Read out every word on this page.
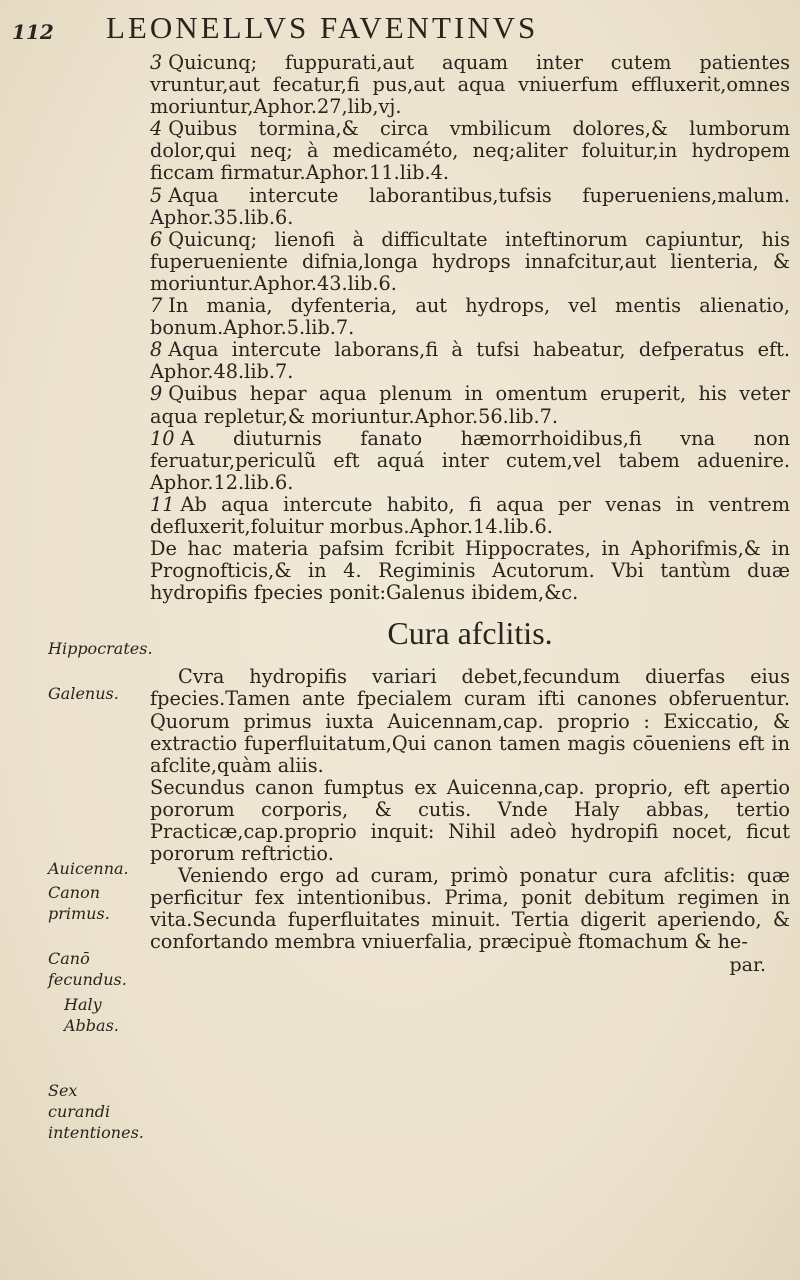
112 LEONELLVS FAVENTINVS
3 Quicunq; fuppurati,aut aquam inter cutem patientes vruntur,aut fecatur,fi pus,aut aqua vniuerfum effluxerit,omnes moriuntur,Aphor.27,lib,vj.
4 Quibus tormina,& circa vmbilicum dolores,& lumborum dolor,qui neq; à medicaméto, neq;aliter foluitur,in hydropem ficcam firmatur.Aphor.11.lib.4.
5 Aqua intercute laborantibus,tufsis fuperueniens,malum. Aphor.35.lib.6.
6 Quicunq; lienofi à difficultate inteftinorum capiuntur, his fuperueniente difnia,longa hydrops innafcitur,aut lienteria, & moriuntur.Aphor.43.lib.6.
7 In mania, dyfenteria, aut hydrops, vel mentis alienatio, bonum.Aphor.5.lib.7.
8 Aqua intercute laborans,fi à tufsi habeatur, defperatus eft. Aphor.48.lib.7.
9 Quibus hepar aqua plenum in omentum eruperit, his veter aqua repletur,& moriuntur.Aphor.56.lib.7.
10 A diuturnis fanato hæmorrhoidibus,fi vna non feruatur,periculũ eft aquá inter cutem,vel tabem aduenire. Aphor.12.lib.6.
11 Ab aqua intercute habito, fi aqua per venas in ventrem defluxerit,foluitur morbus.Aphor.14.lib.6.
De hac materia pafsim fcribit Hippocrates, in Aphorifmis,& in Prognofticis,& in 4. Regiminis Acutorum. Vbi tantùm duæ hydropifis fpecies ponit:Galenus ibidem,&c.
Cura afclitis.
Cvra hydropifis variari debet,fecundum diuerfas eius fpecies.Tamen ante fpecialem curam ifti canones obferuentur. Quorum primus iuxta Auicennam,cap. proprio : Exiccatio, & extractio fuperfluitatum,Qui canon tamen magis cōueniens eft in afclite,quàm aliis.
Secundus canon fumptus ex Auicenna,cap. proprio, eft apertio pororum corporis, & cutis. Vnde Haly abbas, tertio Practicæ,cap.proprio inquit: Nihil adeò hydropifi nocet, ficut pororum reftrictio.
Veniendo ergo ad curam, primò ponatur cura afclitis: quæ perficitur fex intentionibus. Prima, ponit debitum regimen in vita.Secunda fuperfluitates minuit. Tertia digerit aperiendo, & confortando membra vniuerfalia, præcipuè ftomachum & he-
par.
Hippocrates.
Galenus.
Auicenna.
Canon primus.
Canō fecundus.
Haly Abbas.
Sex curandi intentiones.
